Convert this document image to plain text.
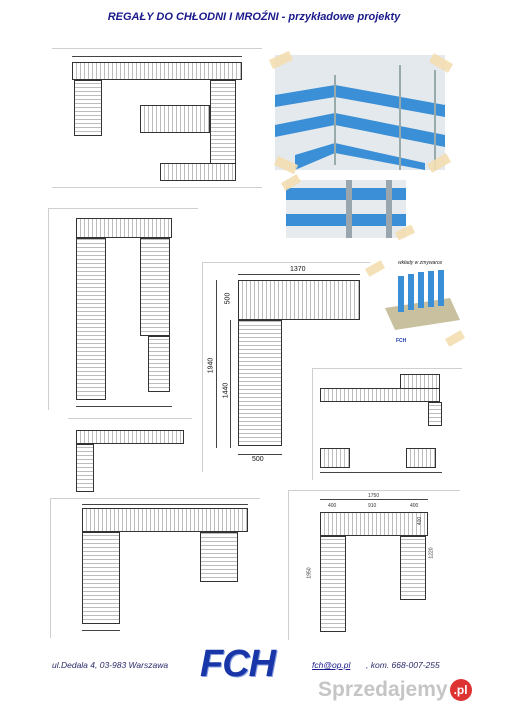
REGAŁY DO CHŁODNI I MROŹNI - przykładowe projekty
1370
500
1940
1440
500
wkłady w zmywarce
FCH
1750
400	910	400
1950
400
1220
ul.Dedala 4, 03-983 Warszawa FCH	fch@op.pl , kom. 668-007-255
Sprzedajemy .pl
